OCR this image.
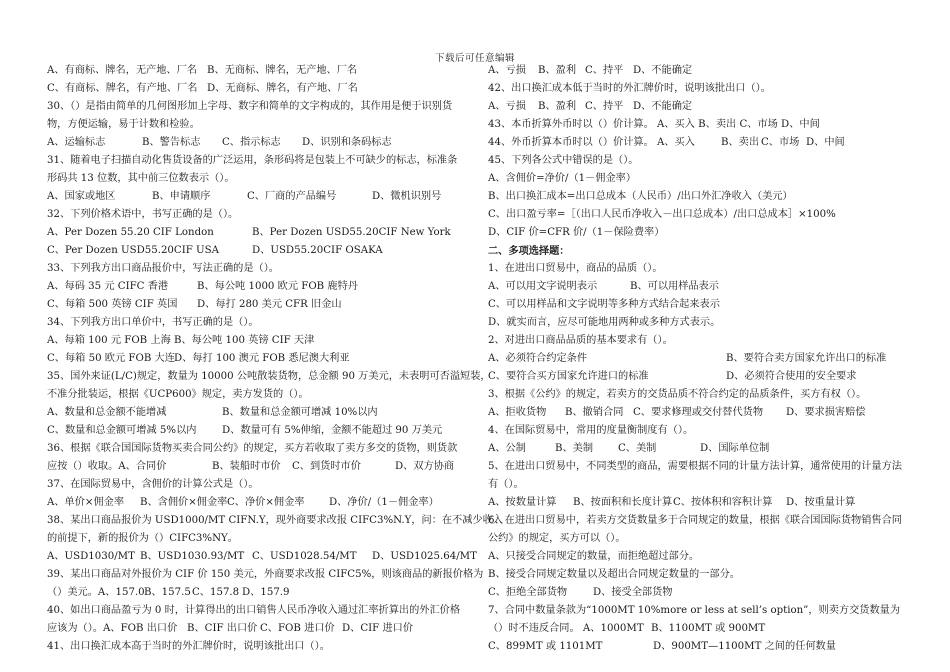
下载后可任意编辑
A、有商标、牌名，无产地、厂名 B、无商标、牌名，无产地、厂名
C、有商标、牌名，有产地、厂名 D、无商标、牌名，有产地、厂名
30、（）是指由简单的几何图形加上字母、数字和简单的文字构成的，其作用是便于识别货
物，方便运输，易于计数和检验。
A、运输标志	B、警告标志 C、指示标志 D、识别和条码标志
31、随着电子扫描自动化售货设备的广泛运用，条形码将是包装上不可缺少的标志，标准条
形码共 13 位数，其中前三位数表示（）。
A、国家或地区	B、申请顺序	C、厂商的产品编号	D、微机识别号
32、下列价格术语中，书写正确的是（）。
A、Per Dozen 55.20 CIF London	B、Per Dozen USD55.20CIF New York
C、Per Dozen USD55.20CIF USA	D、USD55.20CIF OSAKA
33、下列我方出口商品报价中，写法正确的是（）。
A、每码 35 元 CIFC 香港	B、每公吨 1000 欧元 FOB 鹿特丹
C、每箱 500 英镑 CIF 英国 D、每打 280 美元 CFR 旧金山
34、下列我方出口单价中，书写正确的是（）。
A、每箱 100 元 FOB 上海 B、每公吨 100 英镑 CIF 天津
C、每箱 50 欧元 FOB 大连 D、每打 100 澳元 FOB 悉尼澳大利亚
35、国外来证(L/C)规定，数量为 10000 公吨散装货物，总金额 90 万美元，未表明可否溢短装，
不准分批装运，根据《UCP600》规定，卖方发货的（）。
A、数量和总金额不能增减	B、数量和总金额可增减 10%以内
C、数量和总金额可增减 5%以内	D、数量可有 5%伸缩，金额不能超过 90 万美元
36、根据《联合国国际货物买卖合同公约》的规定，买方若收取了卖方多交的货物，则货款
应按（）收取。A、合同价	B、装船时市价 C、到货时市价	D、双方协商
37、在国际贸易中，含佣价的计算公式是（）。
A、单价×佣金率 B、含佣价×佣金率 C、净价×佣金率 D、净价/（1－佣金率）
38、某出口商品报价为 USD1000/MT CIFN.Y，现外商要求改报 CIFC3%N.Y，问：在不减少收入
的前提下，新的报价为（）CIFC3%NY。
A、USD1030/MT B、USD1030.93/MT C、USD1028.54/MT D、USD1025.64/MT
39、某出口商品对外报价为 CIF 价 150 美元，外商要求改报 CIFC5%，则该商品的新报价格为
（）美元。A、157.0 B、157.5 C、157.8 D、157.9
40、如出口商品盈亏为 0 时，计算得出的出口销售人民币净收入通过汇率折算出的外汇价格
应该为（）。A、FOB 出口价 B、CIF 出口价 C、FOB 进口价 D、CIF 进口价
41、出口换汇成本高于当时的外汇牌价时，说明该批出口（）。
A、亏损 B、盈利 C、持平 D、不能确定
42、出口换汇成本低于当时的外汇牌价时，说明该批出口（）。
A、亏损 B、盈利 C、持平 D、不能确定
43、本币折算外币时以（）价计算。 A、买入 B、卖出 C、市场 D、中间
44、外币折算本币时以（）价计算。 A、买入	B、卖出 C、市场 D、中间
45、下列各公式中错误的是（）。
A、含佣价=净价/（1－佣金率）
B、出口换汇成本=出口总成本（人民币）/出口外汇净收入（美元）
C、出口盈亏率=［（出口人民币净收入－出口总成本）/出口总成本］×100%
D、CIF 价=CFR 价/（1－保险费率）
二、多项选择题：
1、在进出口贸易中，商品的品质（）。
A、可以用文字说明表示	B、可以用样品表示
C、可以用样品和文字说明等多种方式结合起来表示
D、就实而言，应尽可能地用两种或多种方式表示。
2、对进出口商品品质的基本要求有（）。
A、必须符合约定条件	B、要符合卖方国家允许出口的标准
C、要符合买方国家允许进口的标准	D、必须符合使用的安全要求
3、根据《公约》的规定，若卖方的交货品质不符合约定的品质条件，买方有权（）。
A、拒收货物 B、撤销合同 C、要求修理或交付替代货物 D、要求损害赔偿
4、在国际贸易中，常用的度量衡制度有（）。
A、公制	B、美制 C、美制	D、国际单位制
5、在进出口贸易中，不同类型的商品，需要根据不同的计量方法计算，通常使用的计量方法
有（）。
A、按数量计算 B、按面积和长度计算 C、按体积和容积计算 D、按重量计算
6、在进出口贸易中，若卖方交货数量多于合同规定的数量，根据《联合国国际货物销售合同
公约》的规定，买方可以（）。
A、只接受合同规定的数量，而拒绝超过部分。
B、接受合同规定数量以及超出合同规定数量的一部分。
C、拒绝全部货物	D、接受全部货物
7、合同中数量条款为“1000MT 10%more or less at sell’s option”，则卖方交货数量为
（）时不违反合同。 A、1000MT B、1100MT 或 900MT
C、899MT 或 1101MT	D、900MT—1100MT 之间的任何数量
